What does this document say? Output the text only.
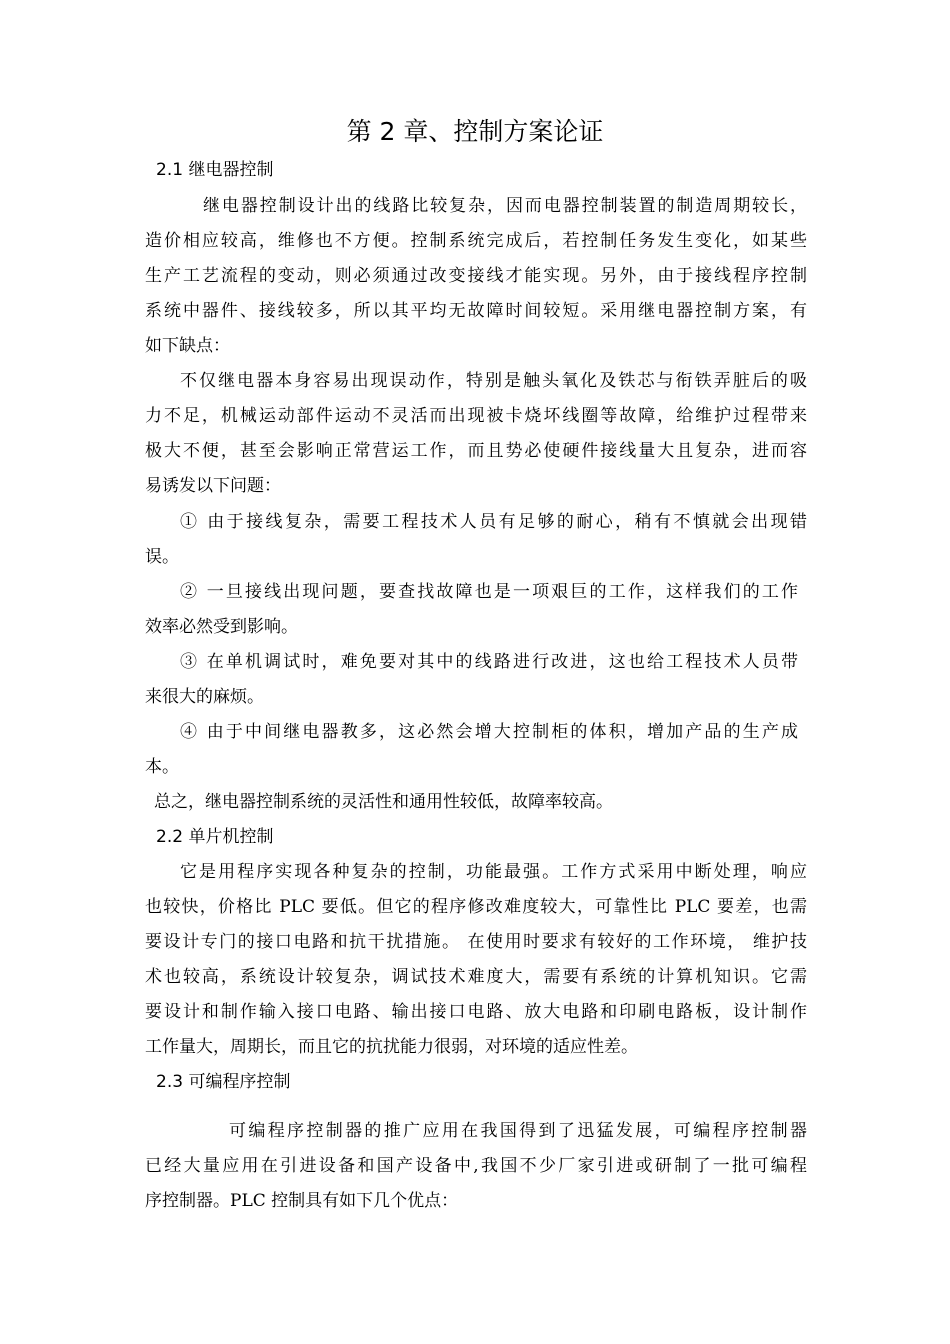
第 2 章、控制方案论证
2.1 继电器控制
继电器控制设计出的线路比较复杂，因而电器控制装置的制造周期较长，
造价相应较高，维修也不方便。控制系统完成后，若控制任务发生变化，如某些
生产工艺流程的变动，则必须通过改变接线才能实现。另外，由于接线程序控制
系统中器件、接线较多，所以其平均无故障时间较短。采用继电器控制方案，有
如下缺点：
不仅继电器本身容易出现误动作，特别是触头氧化及铁芯与衔铁弄脏后的吸
力不足，机械运动部件运动不灵活而出现被卡烧坏线圈等故障，给维护过程带来
极大不便，甚至会影响正常营运工作，而且势必使硬件接线量大且复杂，进而容
易诱发以下问题：
① 由于接线复杂，需要工程技术人员有足够的耐心，稍有不慎就会出现错
误。
② 一旦接线出现问题，要查找故障也是一项艰巨的工作，这样我们的工作
效率必然受到影响。
③ 在单机调试时，难免要对其中的线路进行改进，这也给工程技术人员带
来很大的麻烦。
④ 由于中间继电器教多，这必然会增大控制柜的体积，增加产品的生产成
本。
总之，继电器控制系统的灵活性和通用性较低，故障率较高。
2.2 单片机控制
它是用程序实现各种复杂的控制，功能最强。工作方式采用中断处理，响应
也较快，价格比 PLC 要低。但它的程序修改难度较大，可靠性比 PLC 要差，也需
要设计专门的接口电路和抗干扰措施。 在使用时要求有较好的工作环境， 维护技
术也较高，系统设计较复杂，调试技术难度大，需要有系统的计算机知识。它需
要设计和制作输入接口电路、输出接口电路、放大电路和印刷电路板，设计制作
工作量大，周期长，而且它的抗扰能力很弱，对环境的适应性差。
2.3 可编程序控制
可编程序控制器的推广应用在我国得到了迅猛发展，可编程序控制器
已经大量应用在引进设备和国产设备中,我国不少厂家引进或研制了一批可编程
序控制器。PLC 控制具有如下几个优点：
